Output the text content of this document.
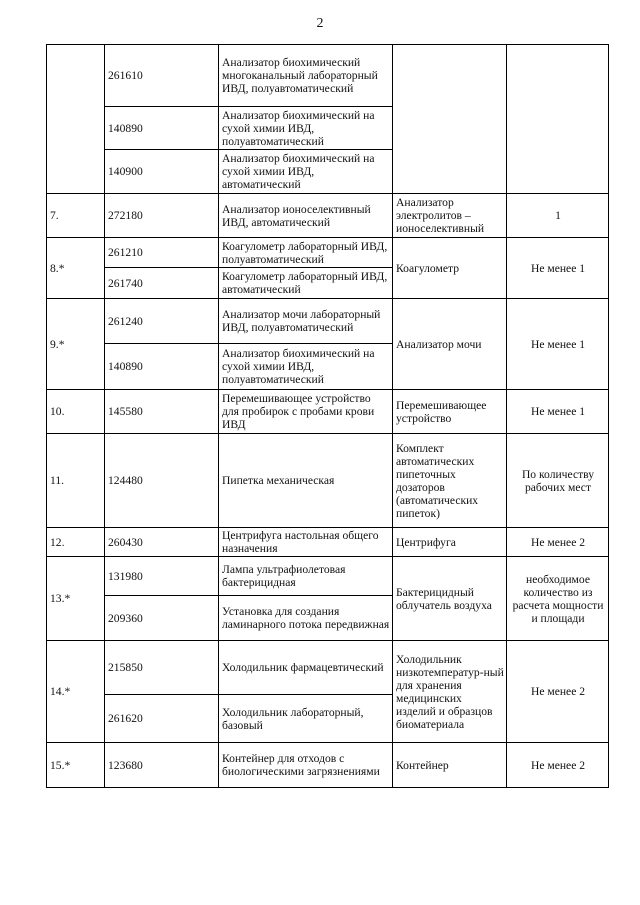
2
	261610	Анализатор биохимический многоканальный лабораторный ИВД, полуавтоматический		
	140890	Анализатор биохимический на сухой химии ИВД, полуавтоматический		
	140900	Анализатор биохимический на сухой химии ИВД, автоматический		
7.	272180	Анализатор ионоселективный ИВД, автоматический	Анализатор электролитов – ионоселективный	1
8.*	261210	Коагулометр лабораторный ИВД, полуавтоматический	Коагулометр	Не менее 1
	261740	Коагулометр лабораторный ИВД, автоматический		
9.*	261240	Анализатор мочи лабораторный ИВД, полуавтоматический	Анализатор мочи	Не менее 1
	140890	Анализатор биохимический на сухой химии ИВД, полуавтоматический		
10.	145580	Перемешивающее устройство для пробирок с пробами крови ИВД	Перемешивающее устройство	Не менее 1
11.	124480	Пипетка механическая	Комплект автоматических пипеточных дозаторов (автоматических пипеток)	По количеству рабочих мест
12.	260430	Центрифуга настольная общего назначения	Центрифуга	Не менее 2
13.*	131980	Лампа ультрафиолетовая бактерицидная	Бактерицидный облучатель воздуха	необходимое количество из расчета мощности и площади
	209360	Установка для создания ламинарного потока передвижная		
14.*	215850	Холодильник фармацевтический	Холодильник низкотемператур-ный для хранения медицинских изделий и образцов биоматериала	Не менее 2
	261620	Холодильник лабораторный, базовый		
15.*	123680	Контейнер для отходов с биологическими загрязнениями	Контейнер	Не менее 2
